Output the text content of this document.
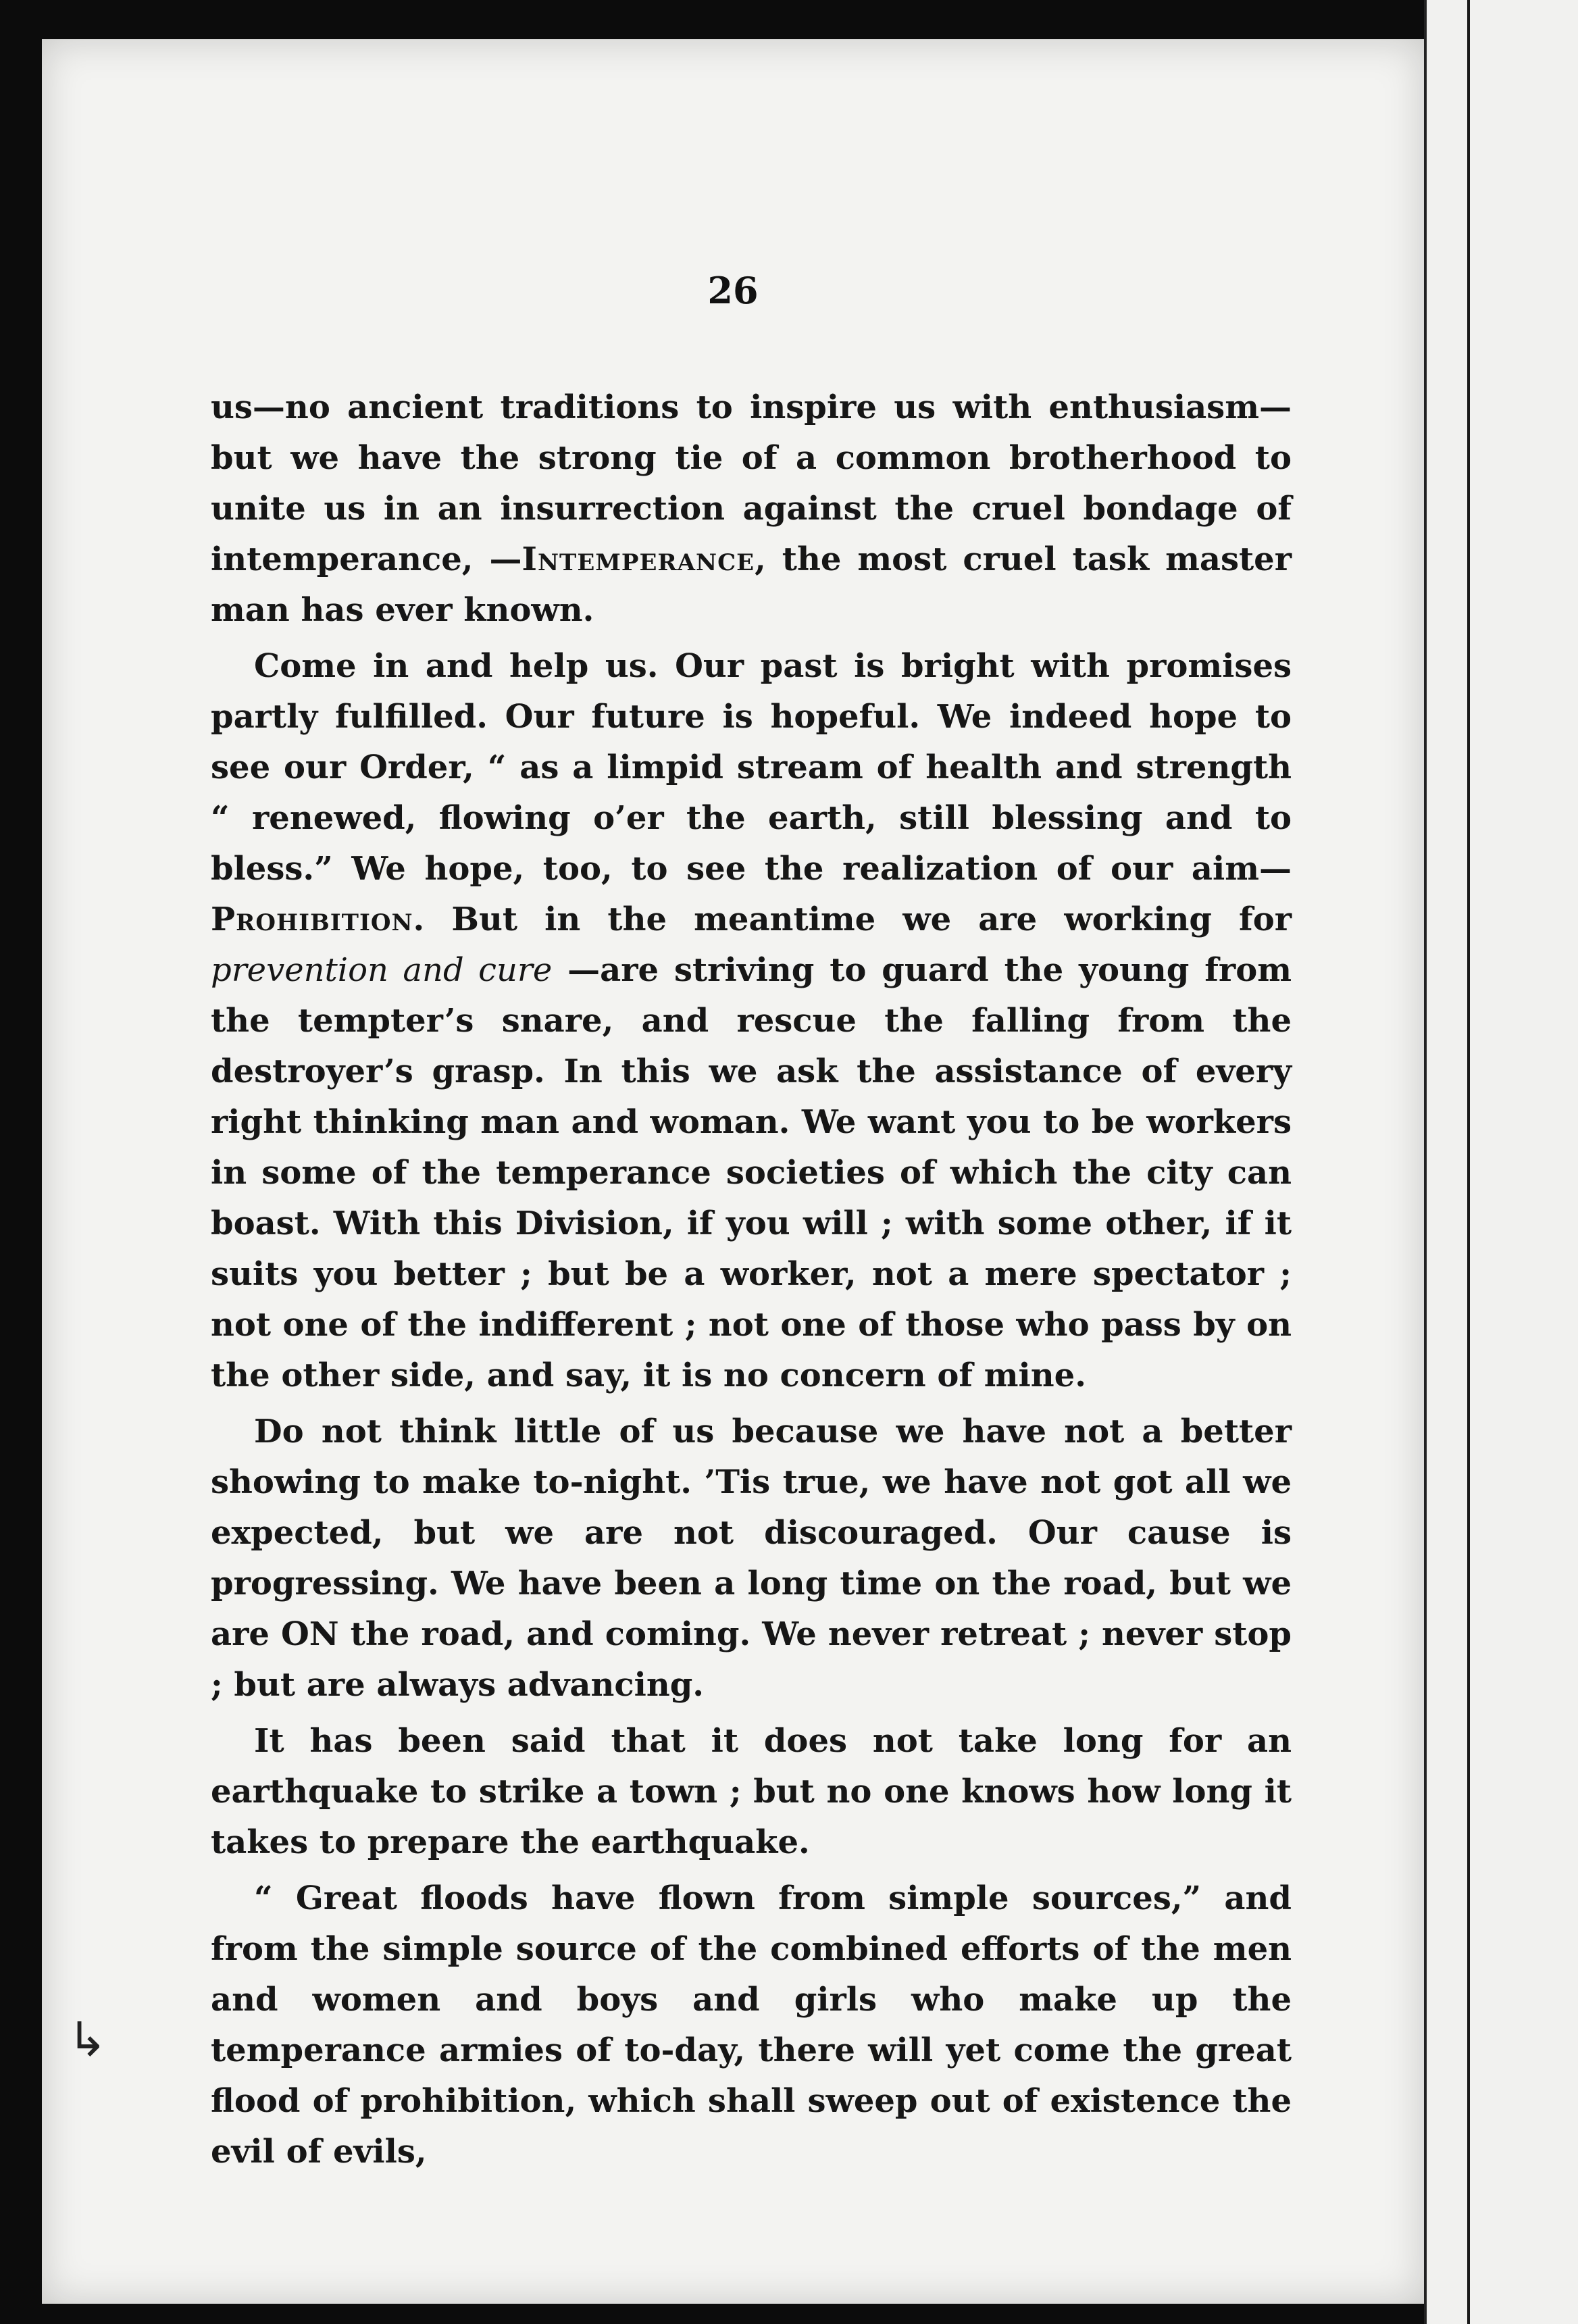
26

us—no ancient traditions to inspire us with enthusiasm—but we have the strong tie of a common brotherhood to unite us in an insurrection against the cruel bondage of intemperance, —Intemperance, the most cruel task master man has ever known.

Come in and help us. Our past is bright with promises partly fulfilled. Our future is hopeful. We indeed hope to see our Order, “ as a limpid stream of health and strength “ renewed, flowing o’er the earth, still blessing and to bless.” We hope, too, to see the realization of our aim—Prohibition. But in the meantime we are working for prevention and cure —are striving to guard the young from the tempter’s snare, and rescue the falling from the destroyer’s grasp. In this we ask the assistance of every right thinking man and woman. We want you to be workers in some of the temperance societies of which the city can boast. With this Division, if you will ; with some other, if it suits you better ; but be a worker, not a mere spectator ; not one of the indifferent ; not one of those who pass by on the other side, and say, it is no concern of mine.

Do not think little of us because we have not a better showing to make to-night. ’Tis true, we have not got all we expected, but we are not discouraged. Our cause is progressing. We have been a long time on the road, but we are ON the road, and coming. We never retreat ; never stop ; but are always advancing.

It has been said that it does not take long for an earthquake to strike a town ; but no one knows how long it takes to prepare the earthquake.

“ Great floods have flown from simple sources,” and from the simple source of the combined efforts of the men and women and boys and girls who make up the temperance armies of to-day, there will yet come the great flood of prohibition, which shall sweep out of existence the evil of evils,

↳
